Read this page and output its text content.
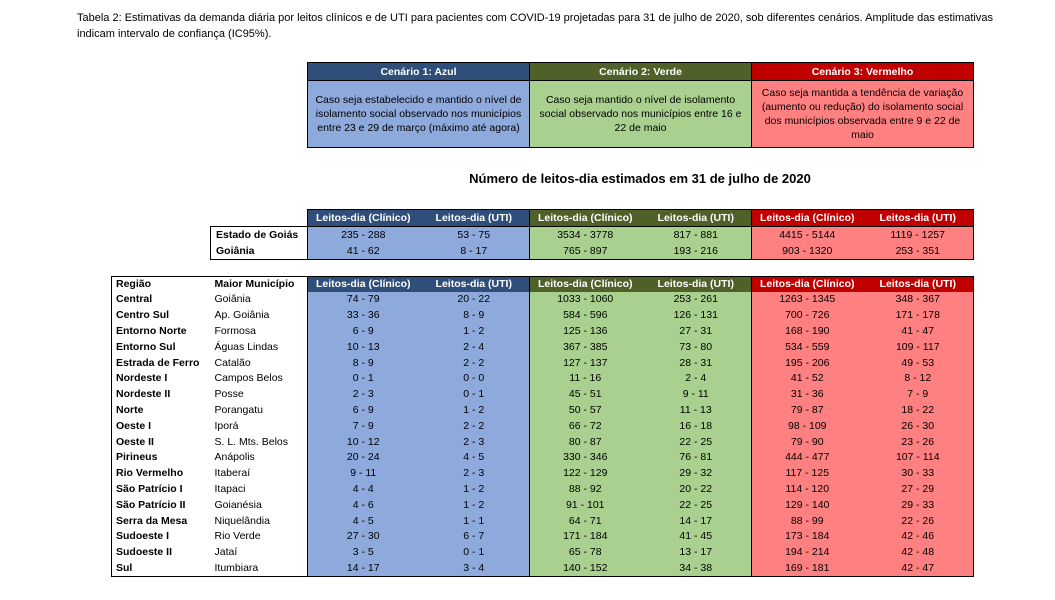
Tabela 2: Estimativas da demanda diária por leitos clínicos e de UTI para pacientes com COVID-19 projetadas para 31 de julho de 2020, sob diferentes cenários. Amplitude das estimativas indicam intervalo de confiança (IC95%).
Cenário 1: Azul	Cenário 2: Verde	Cenário 3: Vermelho
Caso seja estabelecido e mantido o nível de isolamento social observado nos municípios entre 23 e 29 de março (máximo até agora)	Caso seja mantido o nível de isolamento social observado nos municípios entre 16 e 22 de maio	Caso seja mantida a tendência de variação (aumento ou redução) do isolamento social dos municípios observada entre 9 e 22 de maio
Número de leitos-dia estimados em 31 de julho de 2020
	Leitos-dia (Clínico)	Leitos-dia (UTI)	Leitos-dia (Clínico)	Leitos-dia (UTI)	Leitos-dia (Clínico)	Leitos-dia (UTI)
Estado de Goiás	235 - 288	53 - 75	3534 - 3778	817 - 881	4415 - 5144	1119 - 1257
Goiânia	41 - 62	8 - 17	765 - 897	193 - 216	903 - 1320	253 - 351
Região	Maior Município	Leitos-dia (Clínico)	Leitos-dia (UTI)	Leitos-dia (Clínico)	Leitos-dia (UTI)	Leitos-dia (Clínico)	Leitos-dia (UTI)
Central	Goiânia	74 - 79	20 - 22	1033 - 1060	253 - 261	1263 - 1345	348 - 367
Centro Sul	Ap. Goiânia	33 - 36	8 - 9	584 - 596	126 - 131	700 - 726	171 - 178
Entorno Norte	Formosa	6 - 9	1 - 2	125 - 136	27 - 31	168 - 190	41 - 47
Entorno Sul	Águas Lindas	10 - 13	2 - 4	367 - 385	73 - 80	534 - 559	109 - 117
Estrada de Ferro	Catalão	8 - 9	2 - 2	127 - 137	28 - 31	195 - 206	49 - 53
Nordeste I	Campos Belos	0 - 1	0 - 0	11 - 16	2 - 4	41 - 52	8 - 12
Nordeste II	Posse	2 - 3	0 - 1	45 - 51	9 - 11	31 - 36	7 - 9
Norte	Porangatu	6 - 9	1 - 2	50 - 57	11 - 13	79 - 87	18 - 22
Oeste I	Iporá	7 - 9	2 - 2	66 - 72	16 - 18	98 - 109	26 - 30
Oeste II	S. L. Mts. Belos	10 - 12	2 - 3	80 - 87	22 - 25	79 - 90	23 - 26
Pirineus	Anápolis	20 - 24	4 - 5	330 - 346	76 - 81	444 - 477	107 - 114
Rio Vermelho	Itaberaí	9 - 11	2 - 3	122 - 129	29 - 32	117 - 125	30 - 33
São Patrício I	Itapaci	4 - 4	1 - 2	88 - 92	20 - 22	114 - 120	27 - 29
São Patrício II	Goianésia	4 - 6	1 - 2	91 - 101	22 - 25	129 - 140	29 - 33
Serra da Mesa	Niquelândia	4 - 5	1 - 1	64 - 71	14 - 17	88 - 99	22 - 26
Sudoeste I	Rio Verde	27 - 30	6 - 7	171 - 184	41 - 45	173 - 184	42 - 46
Sudoeste II	Jataí	3 - 5	0 - 1	65 - 78	13 - 17	194 - 214	42 - 48
Sul	Itumbiara	14 - 17	3 - 4	140 - 152	34 - 38	169 - 181	42 - 47
